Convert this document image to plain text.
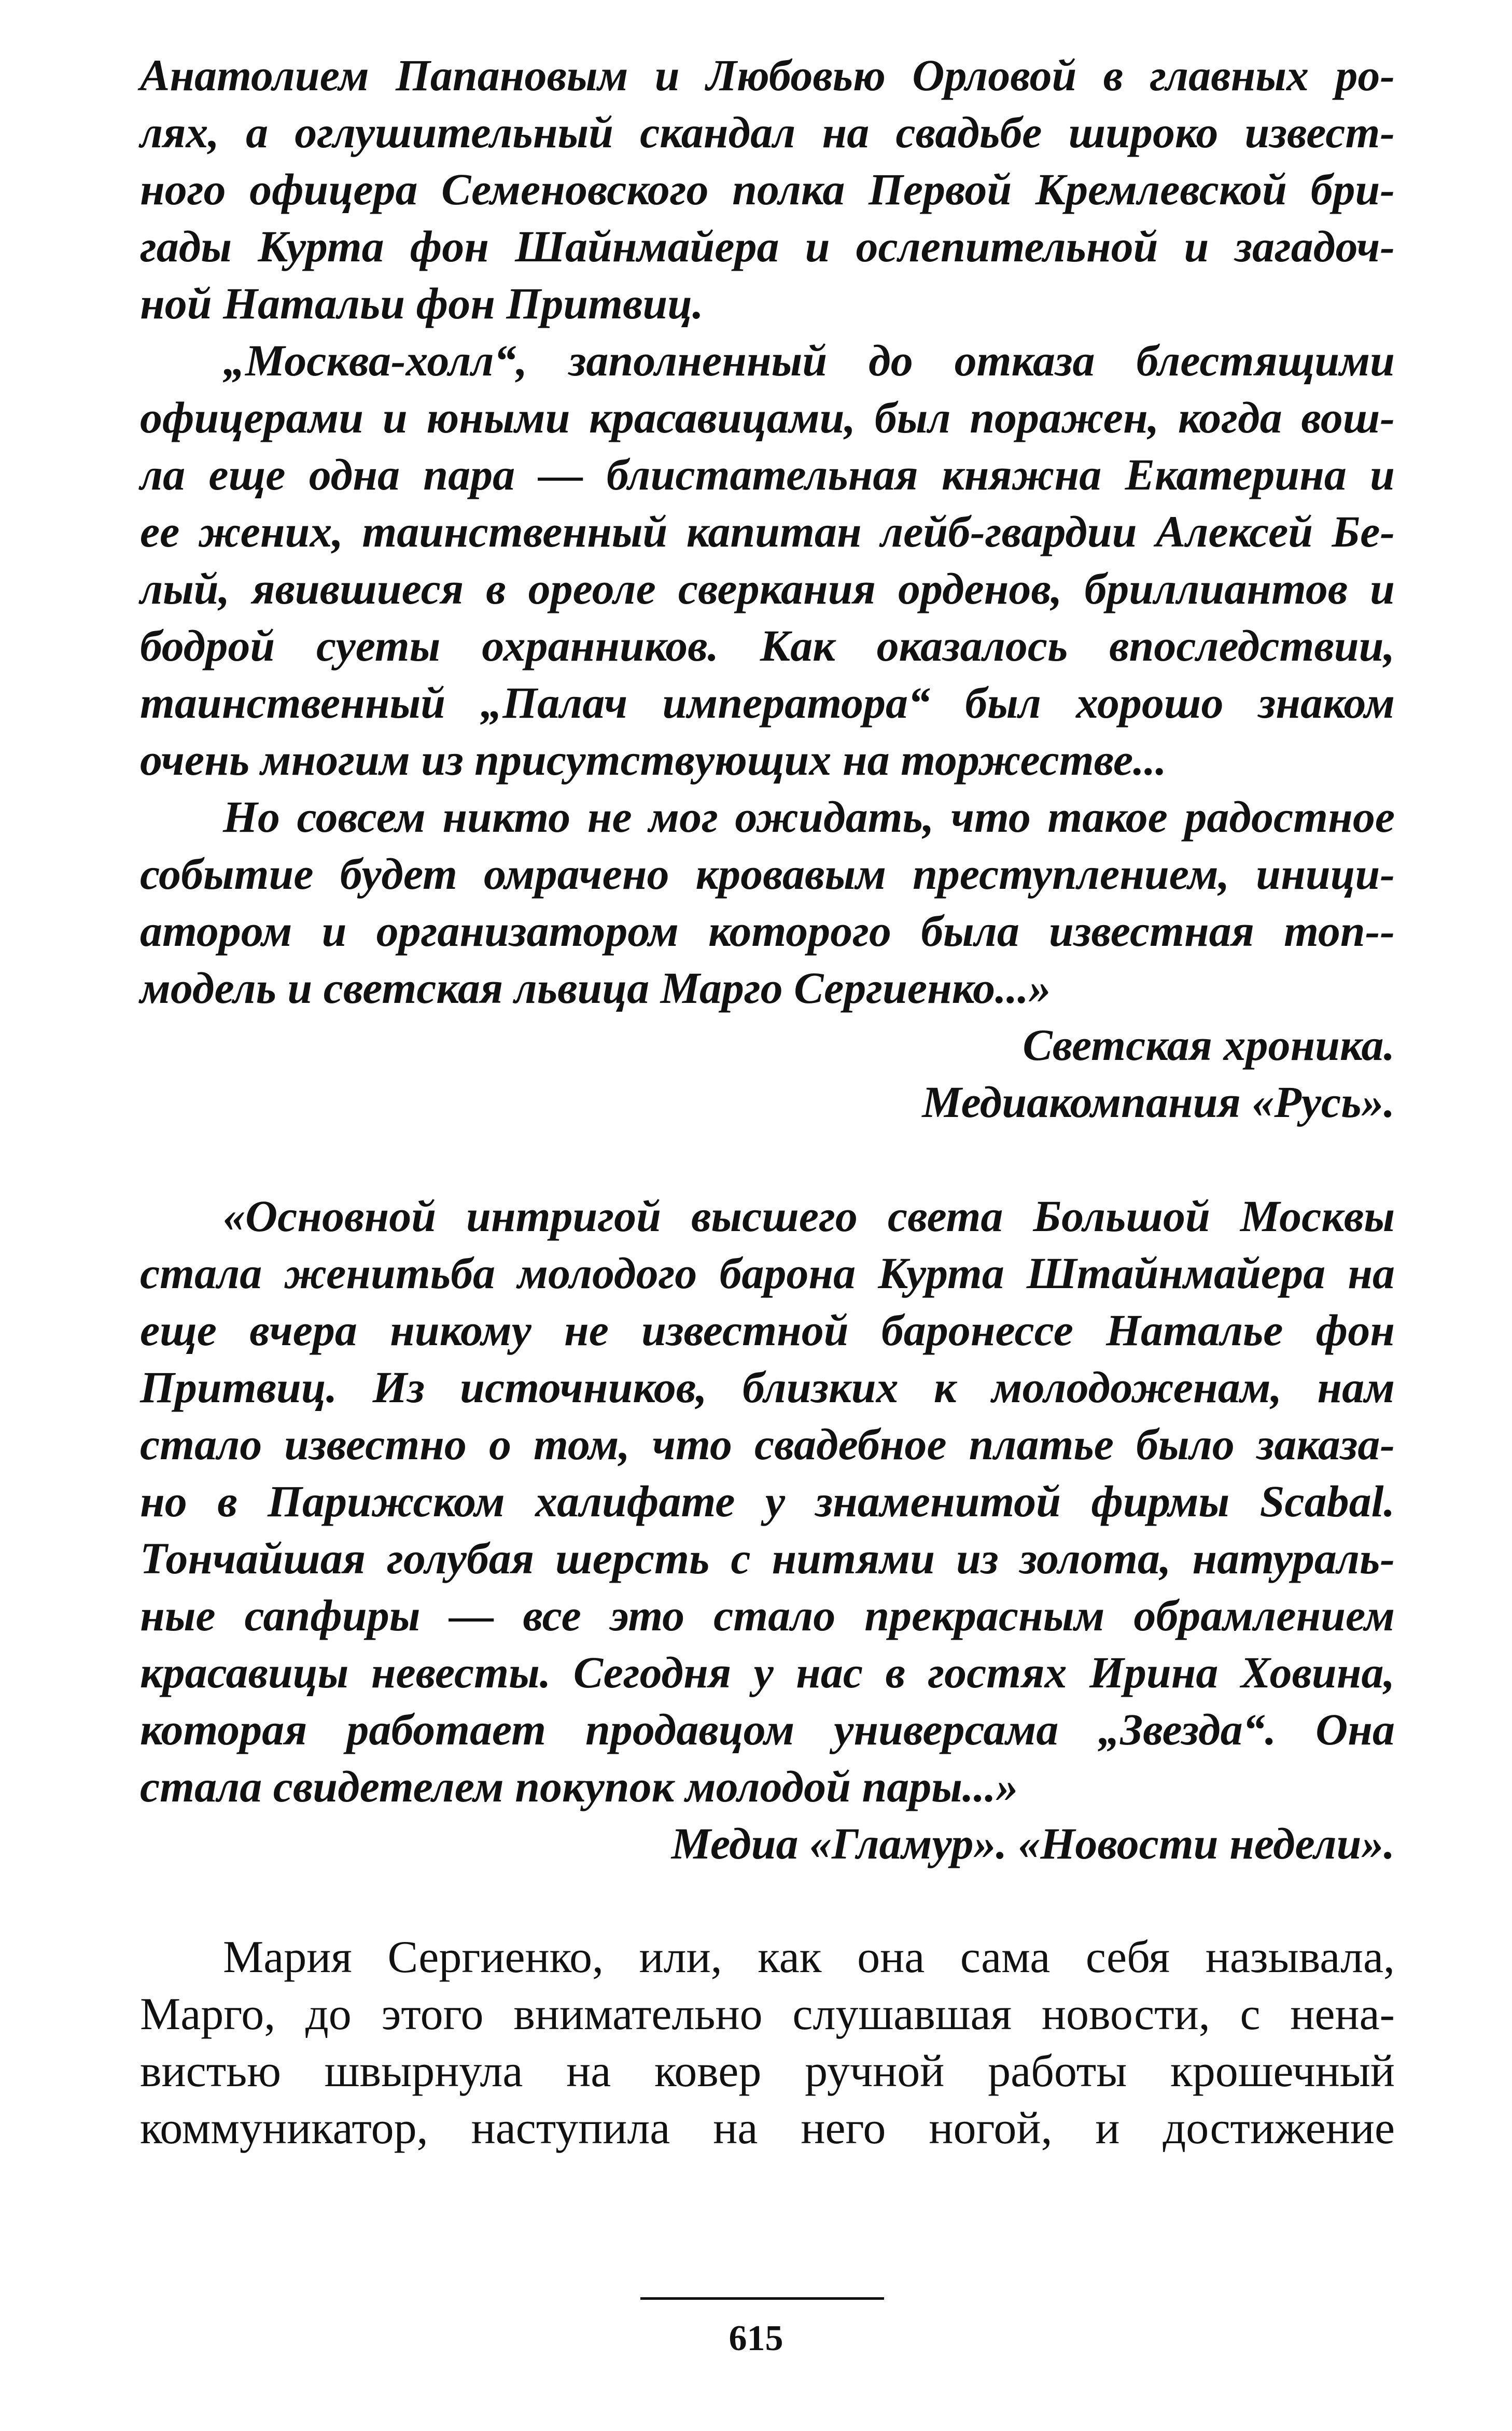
Анатолием Папановым и Любовью Орловой в главных ро-
лях, а оглушительный скандал на свадьбе широко извест-
ного офицера Семеновского полка Первой Кремлевской бри-
гады Курта фон Шайнмайера и ослепительной и загадоч-
ной Натальи фон Притвиц.
„Москва-холл“, заполненный до отказа блестящими
офицерами и юными красавицами, был поражен, когда вош-
ла еще одна пара — блистательная княжна Екатерина и
ее жених, таинственный капитан лейб-гвардии Алексей Бе-
лый, явившиеся в ореоле сверкания орденов, бриллиантов и
бодрой суеты охранников. Как оказалось впоследствии,
таинственный „Палач императора“ был хорошо знаком
очень многим из присутствующих на торжестве...
Но совсем никто не мог ожидать, что такое радостное
событие будет омрачено кровавым преступлением, иници-
атором и организатором которого была известная топ--
модель и светская львица Марго Сергиенко...»
Светская хроника.
Медиакомпания «Русь».
«Основной интригой высшего света Большой Москвы
стала женитьба молодого барона Курта Штайнмайера на
еще вчера никому не известной баронессе Наталье фон
Притвиц. Из источников, близких к молодоженам, нам
стало известно о том, что свадебное платье было заказа-
но в Парижском халифате у знаменитой фирмы Scabal.
Тончайшая голубая шерсть с нитями из золота, натураль-
ные сапфиры — все это стало прекрасным обрамлением
красавицы невесты. Сегодня у нас в гостях Ирина Ховина,
которая работает продавцом универсама „Звезда“. Она
стала свидетелем покупок молодой пары...»
Медиа «Гламур». «Новости недели».
Мария Сергиенко, или, как она сама себя называла,
Марго, до этого внимательно слушавшая новости, с нена-
вистью швырнула на ковер ручной работы крошечный
коммуникатор, наступила на него ногой, и достижение
615
